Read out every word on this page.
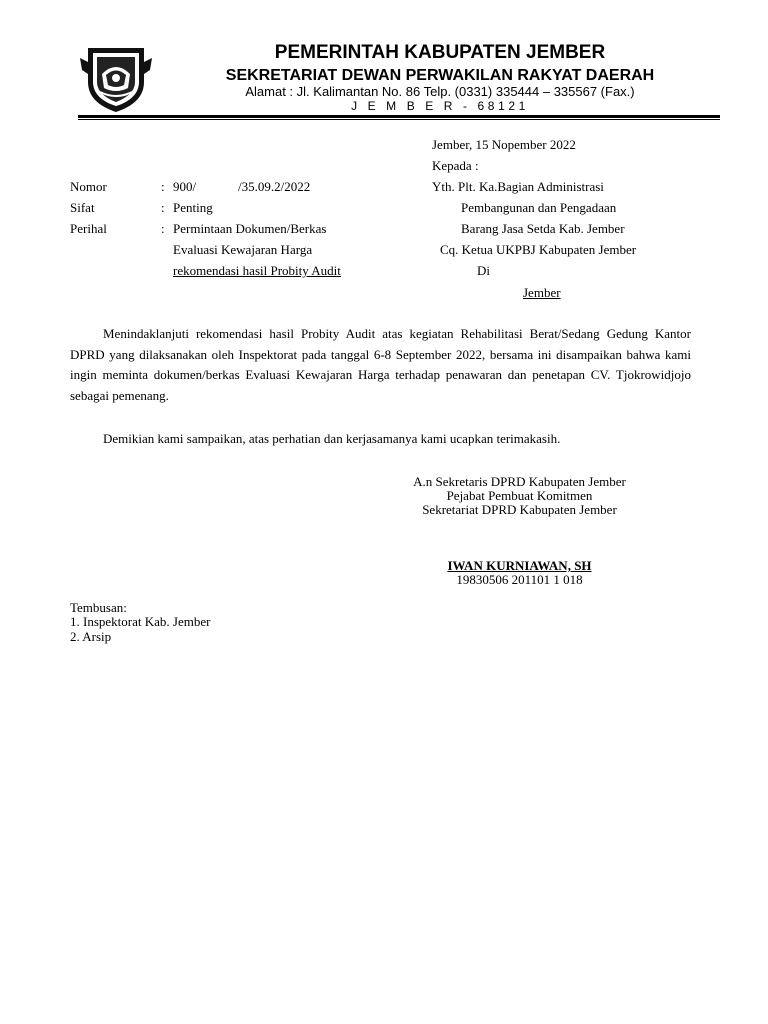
PEMERINTAH KABUPATEN JEMBER
SEKRETARIAT DEWAN PERWAKILAN RAKYAT DAERAH
Alamat : Jl. Kalimantan No. 86 Telp. (0331) 335444 – 335567 (Fax.)
J E M B E R - 68121
Jember, 15 Nopember 2022
Kepada :
Nomor	: 900/	/35.09.2/2022
Sifat	: Penting
Perihal	: Permintaan Dokumen/Berkas
Evaluasi Kewajaran Harga
rekomendasi hasil Probity Audit
Yth. Plt. Ka.Bagian Administrasi
Pembangunan dan Pengadaan
Barang Jasa Setda Kab. Jember
Cq. Ketua UKPBJ Kabupaten Jember
Di
Jember

Menindaklanjuti rekomendasi hasil Probity Audit atas kegiatan Rehabilitasi Berat/Sedang Gedung Kantor DPRD yang dilaksanakan oleh Inspektorat pada tanggal 6-8 September 2022, bersama ini disampaikan bahwa kami ingin meminta dokumen/berkas Evaluasi Kewajaran Harga terhadap penawaran dan penetapan CV. Tjokrowidjojo sebagai pemenang.

Demikian kami sampaikan, atas perhatian dan kerjasamanya kami ucapkan terimakasih.

A.n Sekretaris DPRD Kabupaten Jember
Pejabat Pembuat Komitmen
Sekretariat DPRD Kabupaten Jember
IWAN KURNIAWAN, SH
19830506 201101 1 018
Tembusan:
1. Inspektorat Kab. Jember
2. Arsip
